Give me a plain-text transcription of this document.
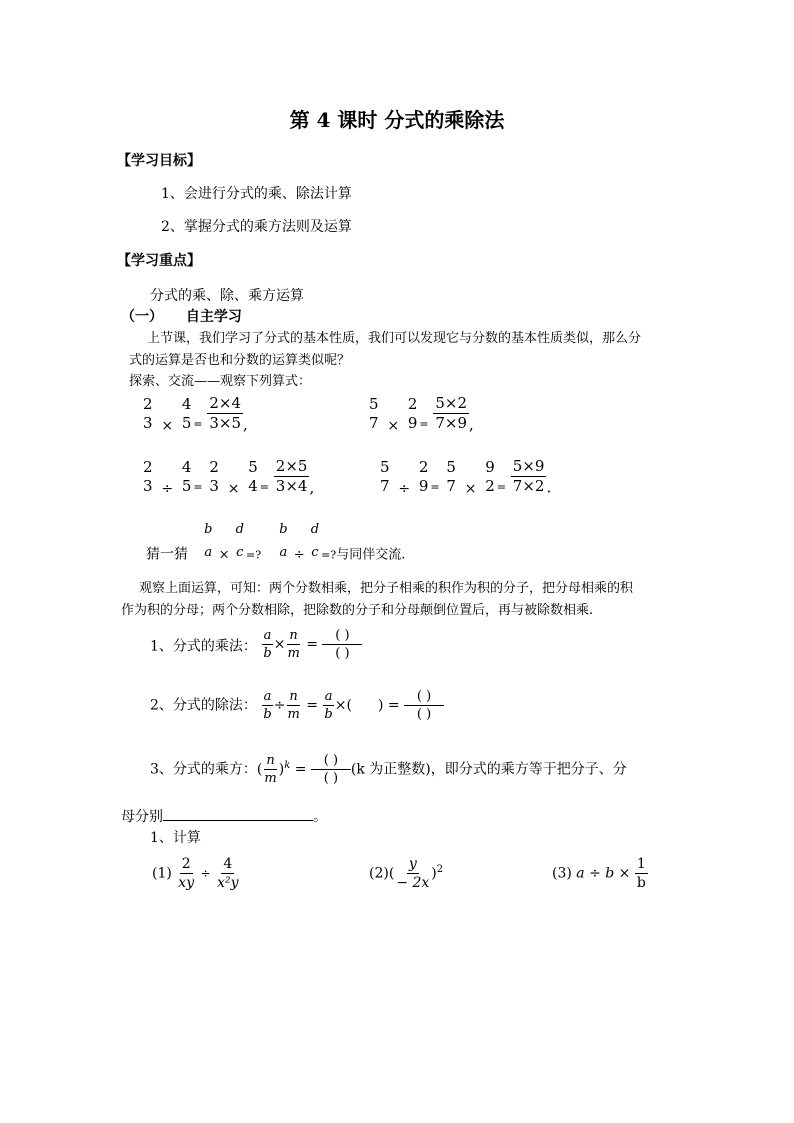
第 4 课时 分式的乘除法
【学习目标】
1、会进行分式的乘、除法计算
2、掌握分式的乘方法则及运算
【学习重点】
分式的乘、除、乘方运算
（一） 自主学习
上节课，我们学习了分式的基本性质，我们可以发现它与分数的基本性质类似，那么分
式的运算是否也和分数的运算类似呢？
探索、交流——观察下列算式：
2
3 ×
4
5 $_= \frac{2\times 4}{3\times 5}$ ,
5
7 ×
2
9 $_= \frac{5\times 2}{7\times 9}$ ,
2
3 ÷
4
5 $_=$
2
3 ×
5
4 $_= \frac{2\times 5}{3\times 4}$ ,
5
7 ÷
2
9 $_=$
5
7 ×
9
2 $_= \frac{5\times 9}{7\times 2}$ .
猜一猜
b
a ×
d
c $_{=?}$
b
a ÷
d
c $_{=?}$与同伴交流.
观察上面运算，可知：两个分数相乘，把分子相乘的积作为积的分子，把分母相乘的积
作为积的分母；两个分数相除，把除数的分子和分母颠倒位置后，再与被除数相乘.
1、分式的乘法： $\frac{a}{b} \times \frac{n}{m} = \frac{( )}{( )}$
2、分式的除法： $\frac{a}{b} \div \frac{n}{m} = \frac{a}{b}$ ×( ) = $\frac{( )}{( )}$
3、分式的乘方：( $\frac{n}{m} )^k = \frac{( )}{( )} (k$ 为正整数)，即分式的乘方等于把分子、分
母分别	。
1、计算
$(1) \frac{2}{xy} \div \frac{4}{\text{x²y}}$	$(2)( \frac{y}{- 2x} )^2$	(3) $a \div b \times \frac{1}{b}$
